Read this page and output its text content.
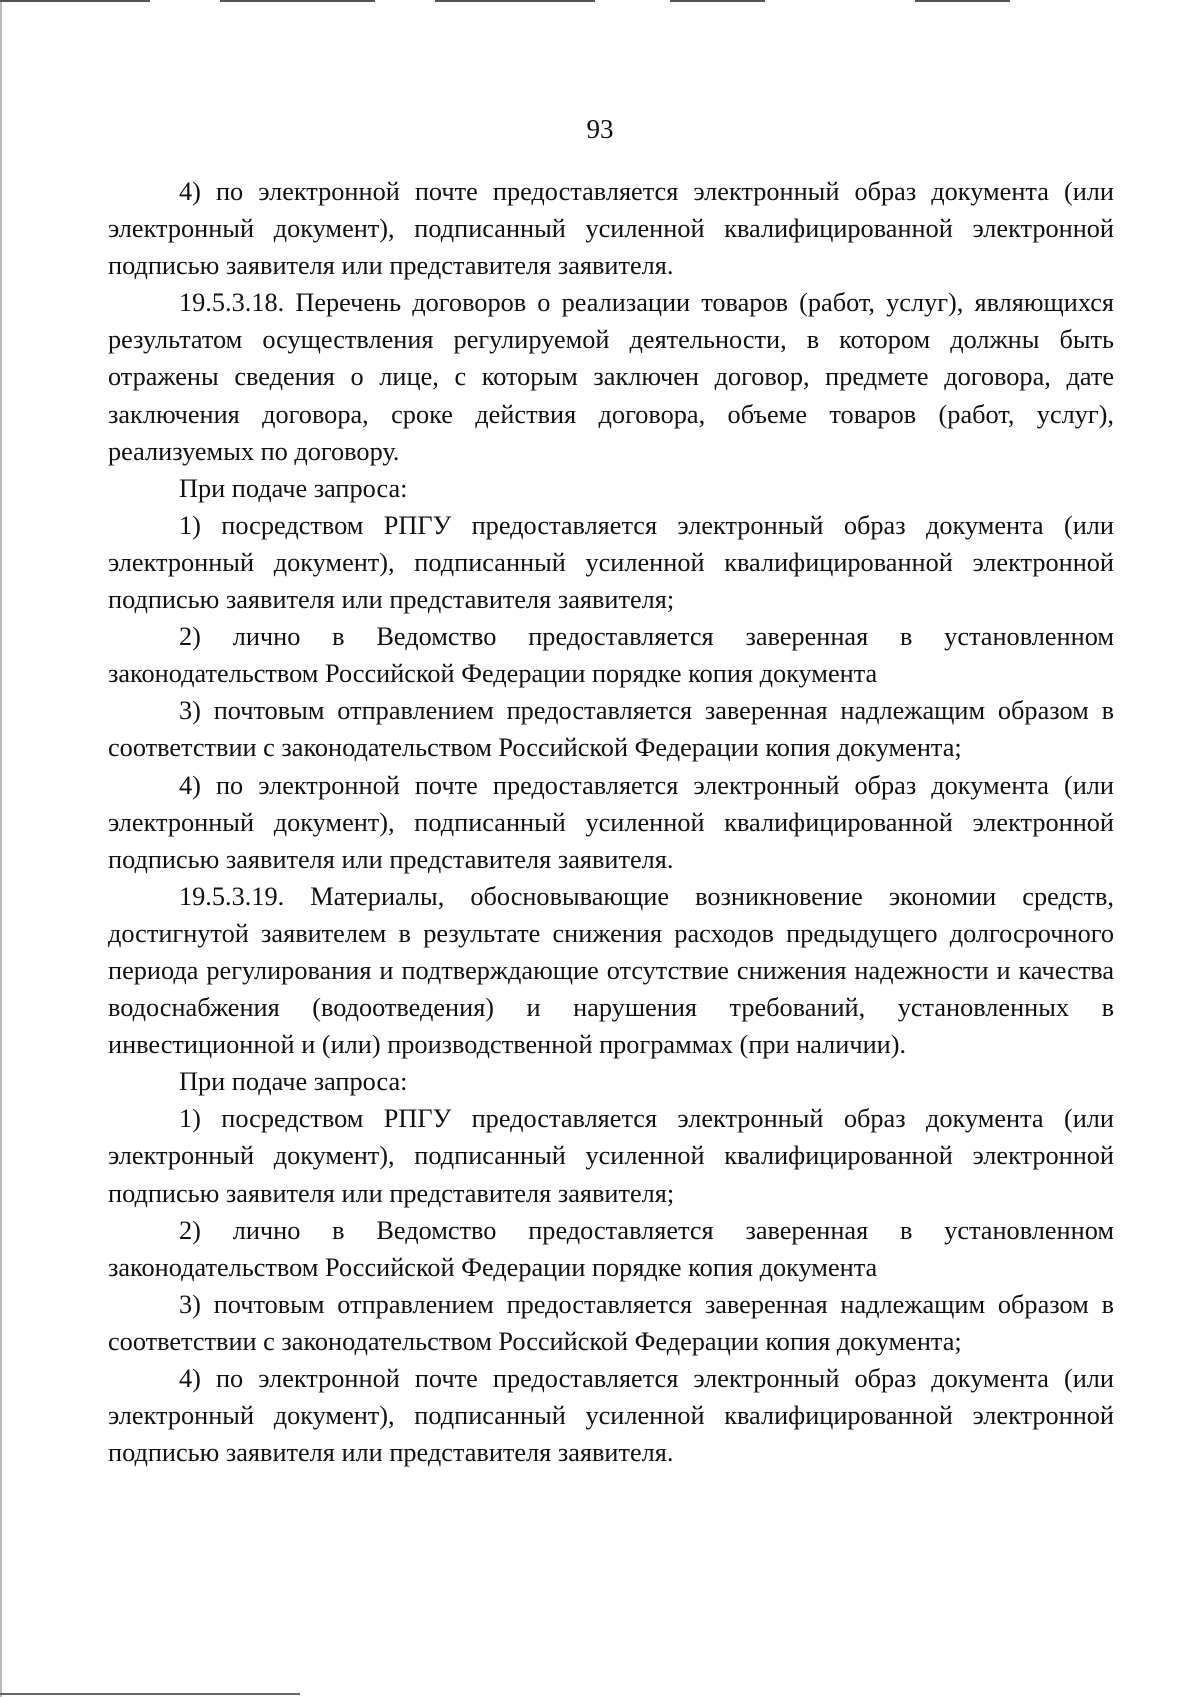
93

4) по электронной почте предоставляется электронный образ документа (или электронный документ), подписанный усиленной квалифицированной электронной подписью заявителя или представителя заявителя.

19.5.3.18. Перечень договоров о реализации товаров (работ, услуг), являющихся результатом осуществления регулируемой деятельности, в котором должны быть отражены сведения о лице, с которым заключен договор, предмете договора, дате заключения договора, сроке действия договора, объеме товаров (работ, услуг), реализуемых по договору.

При подаче запроса:

1) посредством РПГУ предоставляется электронный образ документа (или электронный документ), подписанный усиленной квалифицированной электронной подписью заявителя или представителя заявителя;

2) лично в Ведомство предоставляется заверенная в установленном законодательством Российской Федерации порядке копия документа

3) почтовым отправлением предоставляется заверенная надлежащим образом в соответствии с законодательством Российской Федерации копия документа;

4) по электронной почте предоставляется электронный образ документа (или электронный документ), подписанный усиленной квалифицированной электронной подписью заявителя или представителя заявителя.

19.5.3.19. Материалы, обосновывающие возникновение экономии средств, достигнутой заявителем в результате снижения расходов предыдущего долгосрочного периода регулирования и подтверждающие отсутствие снижения надежности и качества водоснабжения (водоотведения) и нарушения требований, установленных в инвестиционной и (или) производственной программах (при наличии).

При подаче запроса:

1) посредством РПГУ предоставляется электронный образ документа (или электронный документ), подписанный усиленной квалифицированной электронной подписью заявителя или представителя заявителя;

2) лично в Ведомство предоставляется заверенная в установленном законодательством Российской Федерации порядке копия документа

3) почтовым отправлением предоставляется заверенная надлежащим образом в соответствии с законодательством Российской Федерации копия документа;

4) по электронной почте предоставляется электронный образ документа (или электронный документ), подписанный усиленной квалифицированной электронной подписью заявителя или представителя заявителя.
